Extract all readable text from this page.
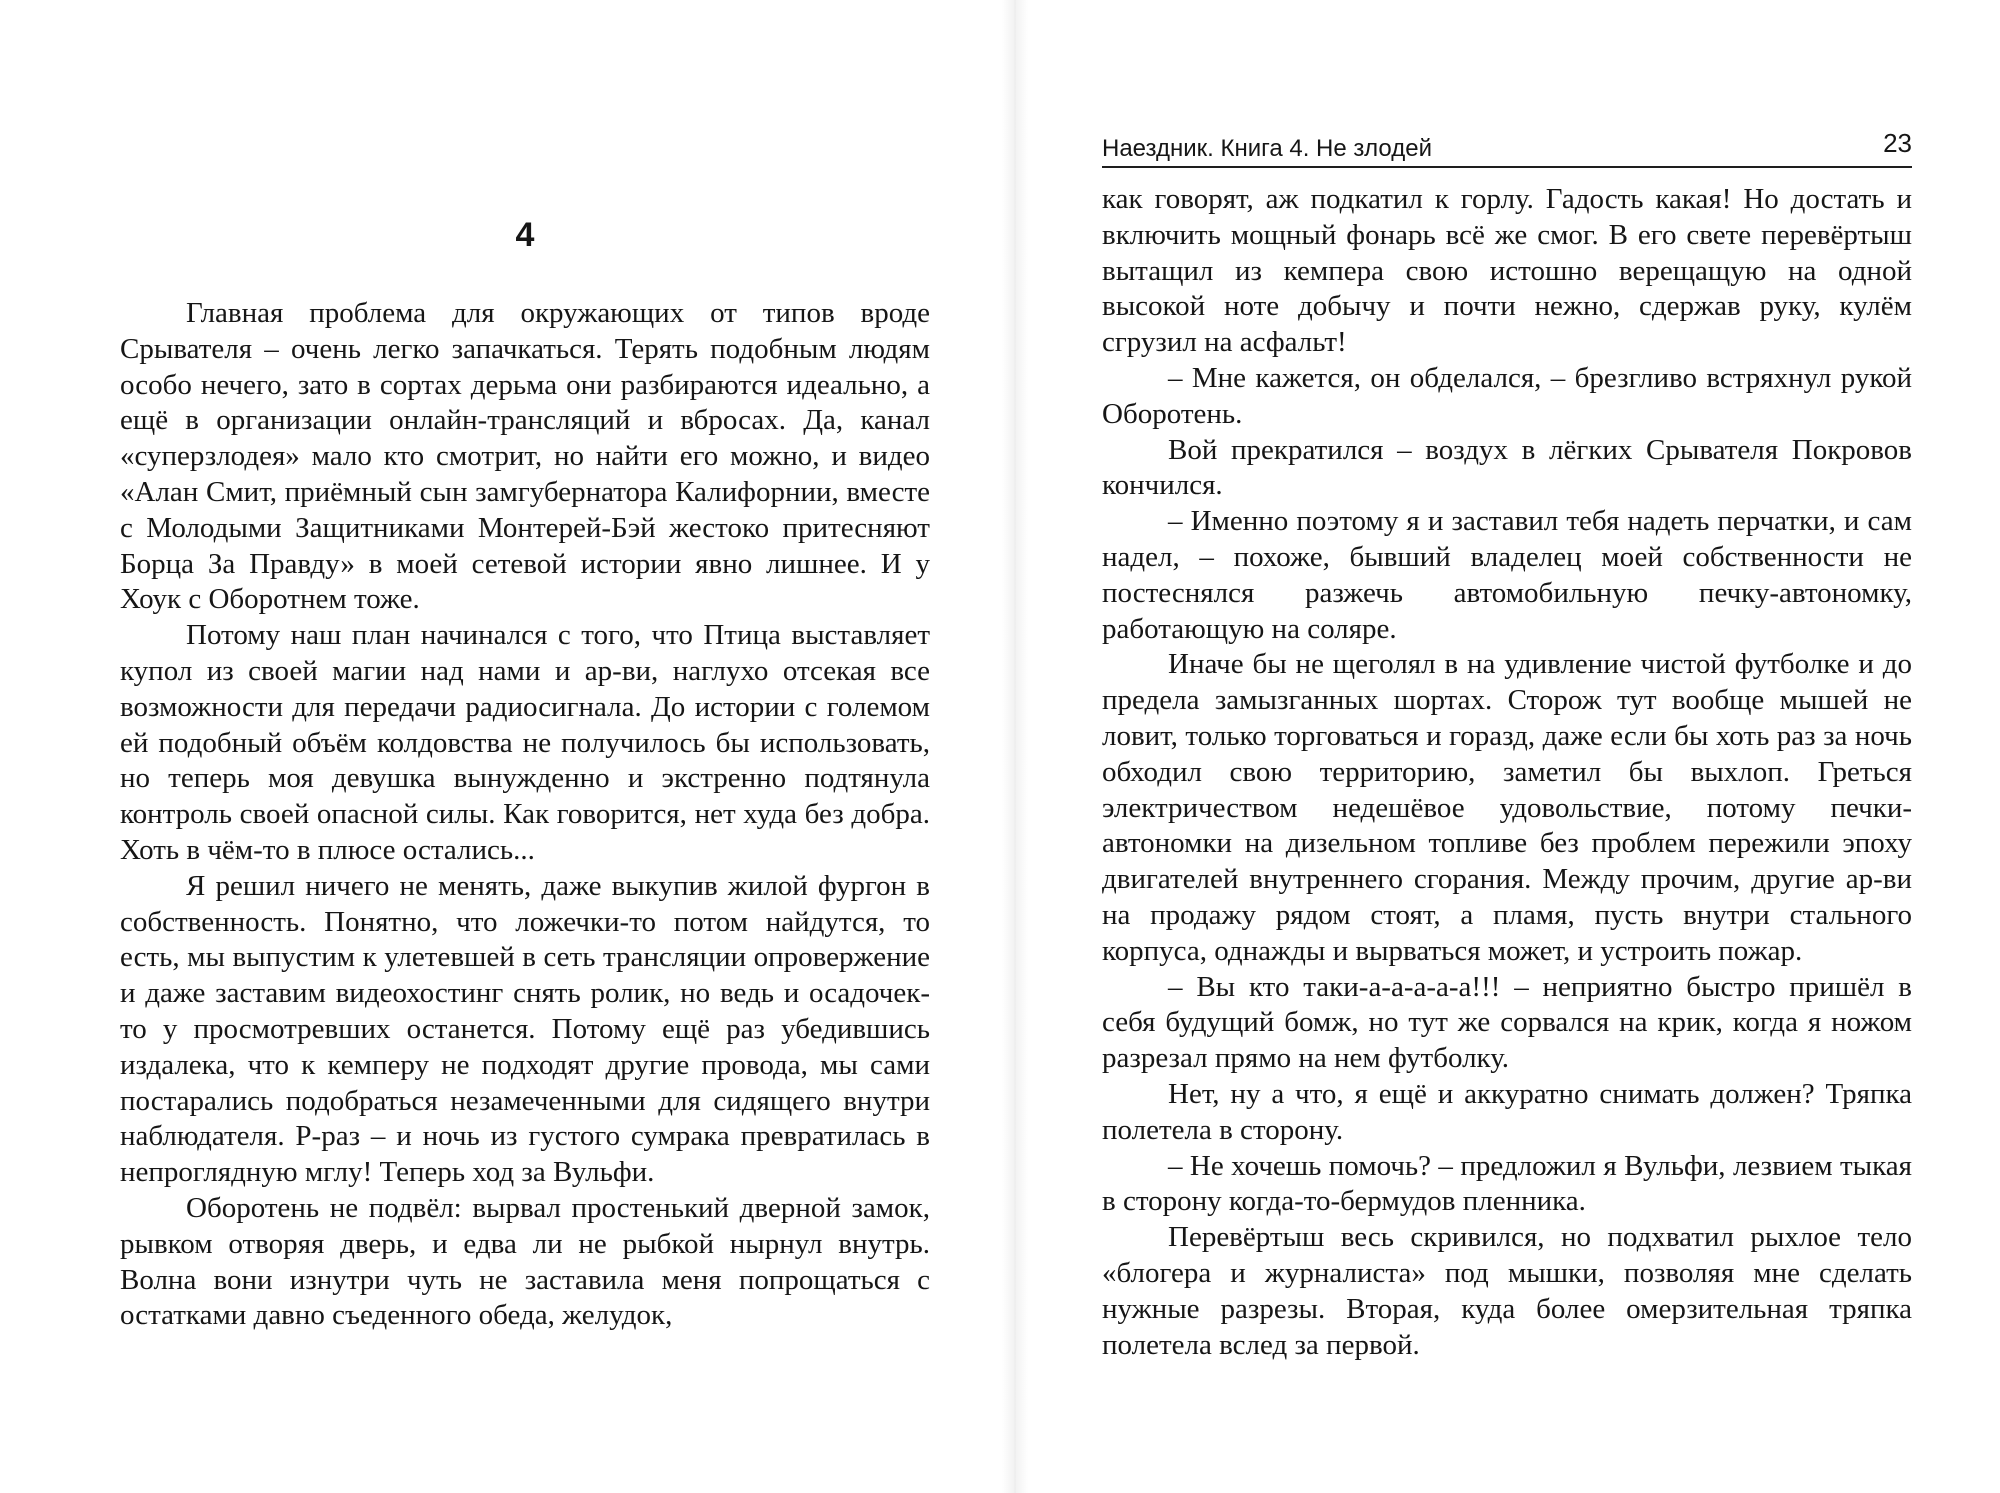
4

Главная проблема для окружающих от типов вроде Срывателя – очень легко запачкаться. Терять подобным людям особо нечего, зато в сортах дерьма они разбираются идеально, а ещё в организации онлайн-трансляций и вбросах. Да, канал «суперзлодея» мало кто смотрит, но найти его можно, и видео «Алан Смит, приёмный сын замгубернатора Калифорнии, вместе с Молодыми Защитниками Монтерей-Бэй жестоко притесняют Борца За Правду» в моей сетевой истории явно лишнее. И у Хоук с Оборотнем тоже.

Потому наш план начинался с того, что Птица выставляет купол из своей магии над нами и ар-ви, наглухо отсекая все возможности для передачи радиосигнала. До истории с големом ей подобный объём колдовства не получилось бы использовать, но теперь моя девушка вынужденно и экстренно подтянула контроль своей опасной силы. Как говорится, нет худа без добра. Хоть в чём-то в плюсе остались...

Я решил ничего не менять, даже выкупив жилой фургон в собственность. Понятно, что ложечки-то потом найдутся, то есть, мы выпустим к улетевшей в сеть трансляции опровержение и даже заставим видеохостинг снять ролик, но ведь и осадочек-то у просмотревших останется. Потому ещё раз убедившись издалека, что к кемперу не подходят другие провода, мы сами постарались подобраться незамеченными для сидящего внутри наблюдателя. Р-раз – и ночь из густого сумрака превратилась в непроглядную мглу! Теперь ход за Вульфи.

Оборотень не подвёл: вырвал простенький дверной замок, рывком отворяя дверь, и едва ли не рыбкой нырнул внутрь. Волна вони изнутри чуть не заставила меня попрощаться с остатками давно съеденного обеда, желудок,

Наездник. Книга 4. Не злодей	23

как говорят, аж подкатил к горлу. Гадость какая! Но достать и включить мощный фонарь всё же смог. В его свете перевёртыш вытащил из кемпера свою истошно верещащую на одной высокой ноте добычу и почти нежно, сдержав руку, кулём сгрузил на асфальт!

– Мне кажется, он обделался, – брезгливо встряхнул рукой Оборотень.

Вой прекратился – воздух в лёгких Срывателя Покровов кончился.

– Именно поэтому я и заставил тебя надеть перчатки, и сам надел, – похоже, бывший владелец моей собственности не постеснялся разжечь автомобильную печку-автономку, работающую на соляре.

Иначе бы не щеголял в на удивление чистой футболке и до предела замызганных шортах. Сторож тут вообще мышей не ловит, только торговаться и горазд, даже если бы хоть раз за ночь обходил свою территорию, заметил бы выхлоп. Греться электричеством недешёвое удовольствие, потому печки-автономки на дизельном топливе без проблем пережили эпоху двигателей внутреннего сгорания. Между прочим, другие ар-ви на продажу рядом стоят, а пламя, пусть внутри стального корпуса, однажды и вырваться может, и устроить пожар.

– Вы кто таки-а-а-а-а-а!!! – неприятно быстро пришёл в себя будущий бомж, но тут же сорвался на крик, когда я ножом разрезал прямо на нем футболку.

Нет, ну а что, я ещё и аккуратно снимать должен? Тряпка полетела в сторону.

– Не хочешь помочь? – предложил я Вульфи, лезвием тыкая в сторону когда-то-бермудов пленника.

Перевёртыш весь скривился, но подхватил рыхлое тело «блогера и журналиста» под мышки, позволяя мне сделать нужные разрезы. Вторая, куда более омерзительная тряпка полетела вслед за первой.
